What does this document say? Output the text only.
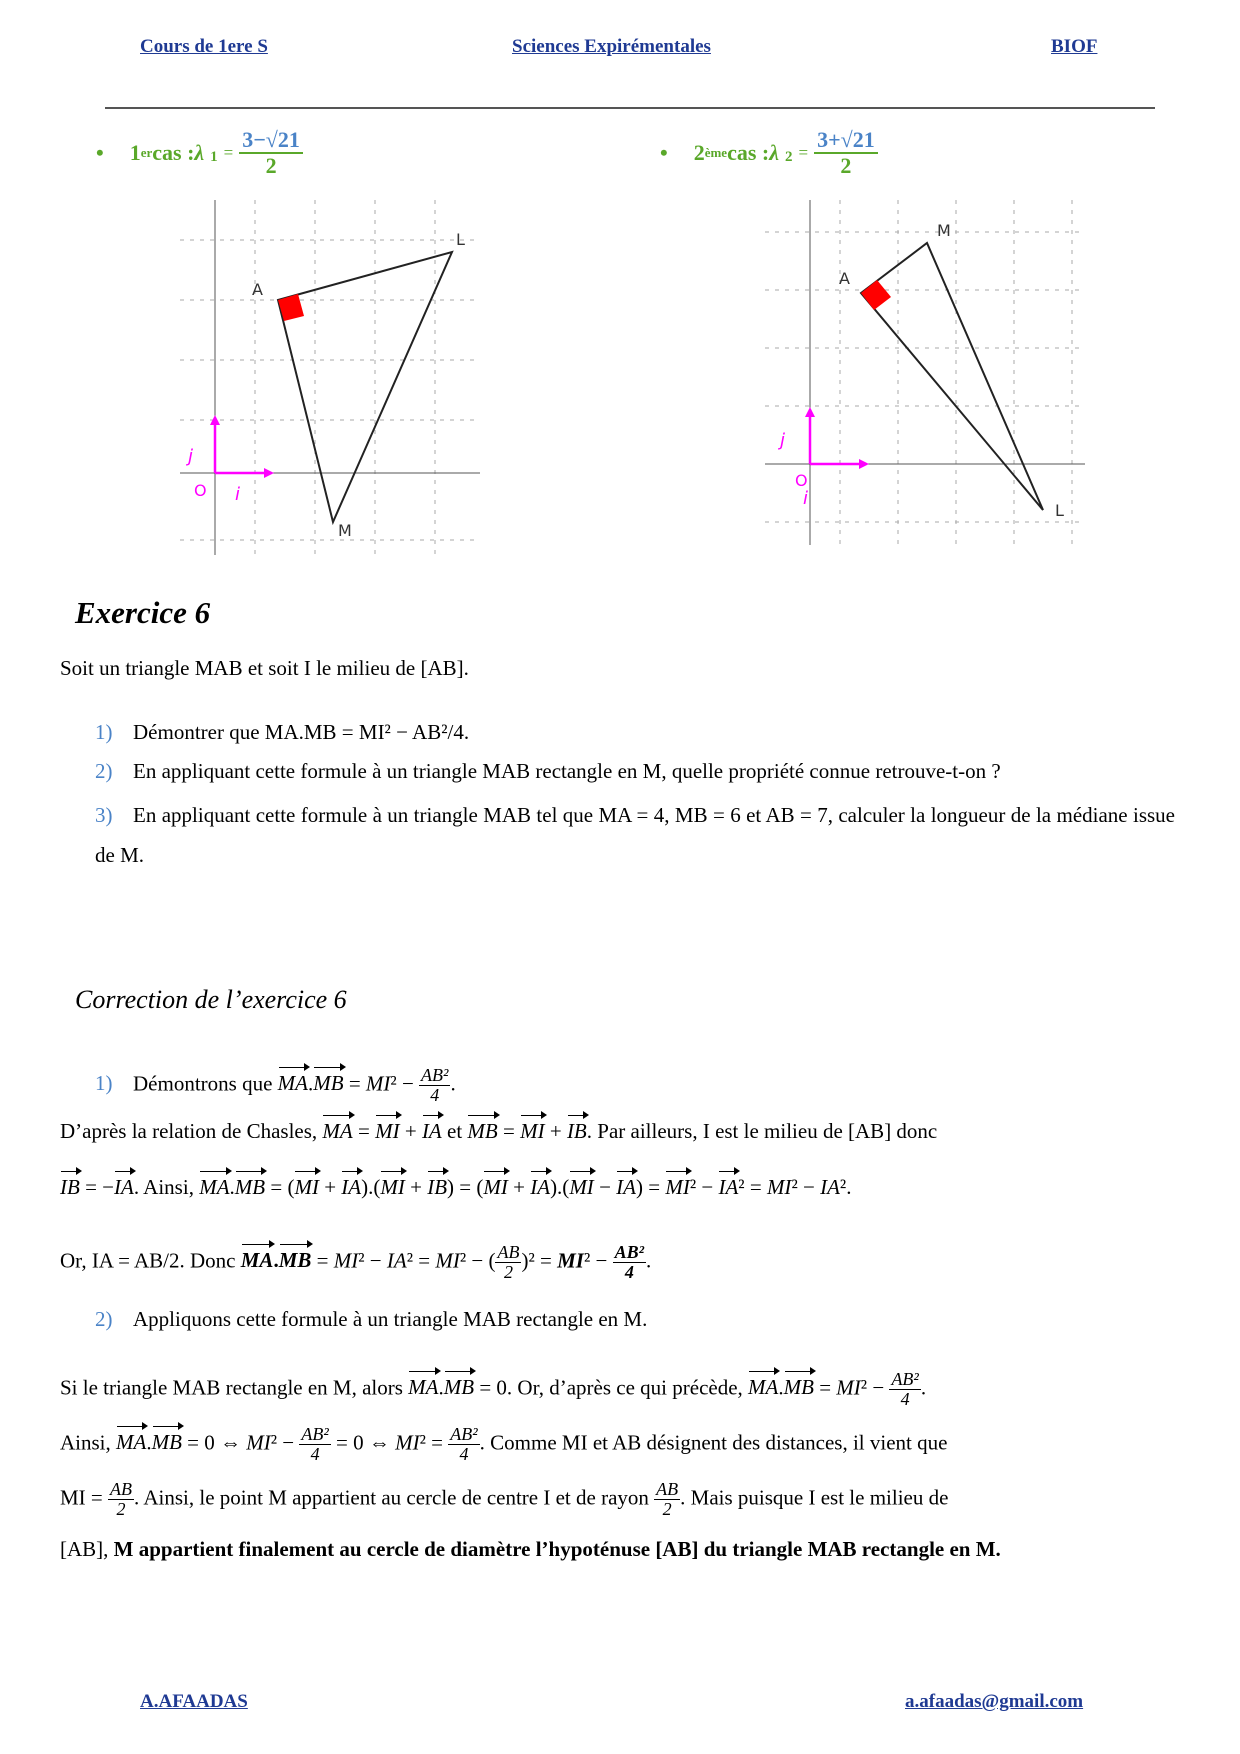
Cours de 1ere S	Sciences Expirémentales	BIOF
• 1 er cas : λ $1 = \frac{3-√21}{2}$	• 2 ème cas : λ $2 = \frac{3+√21}{2}$
A
L
M
O i
j
A
M
L
O
i
j
Exercice 6
Soit un triangle MAB et soit I le milieu de [AB].
1) Démontrer que MA.MB = MI² − AB²/4.
2) En appliquant cette formule à un triangle MAB rectangle en M, quelle propriété connue retrouve-t-on ?
3) En appliquant cette formule à un triangle MAB tel que MA = 4, MB = 6 et AB = 7, calculer la longueur de la médiane issue de M.
Correction de l’exercice 6
1) Démontrons que $MA.MB = MI^2 - \frac{\text{AB²}}{4}$ .
D’après la relation de Chasles, MA = MI + IA et MB = MI + IB. Par ailleurs, I est le milieu de [AB] donc
IB = −IA. Ainsi, MA.MB = (MI + IA).(MI + IB) = (MI + IA).(MI − IA) = MI² − IA² = MI² − IA².
Or, IA = AB/2. Donc MA.MB = MI² − IA² = MI² − ( $\frac{AB}{2} )^2 = MI^2 - \frac{\text{AB²}}{4}$ .
2) Appliquons cette formule à un triangle MAB rectangle en M.
Si le triangle MAB rectangle en M, alors MA.MB = 0. Or, d’après ce qui précède, $MA.MB = MI^2 - \frac{\text{AB²}}{4}$ .
Ainsi, MA.MB = 0 ⇔ $MI^2 - \frac{\text{AB²}}{4} = 0$ ⇔ $MI^2 = \frac{\text{AB²}}{4}$ . Comme MI et AB désignent des distances, il vient que
MI = $\frac{AB}{2}$ . Ainsi, le point M appartient au cercle de centre I et de rayon $\frac{AB}{2}$ . Mais puisque I est le milieu de
[AB], M appartient finalement au cercle de diamètre l’hypoténuse [AB] du triangle MAB rectangle en M.
A.AFAADAS	a.afaadas@gmail.com
